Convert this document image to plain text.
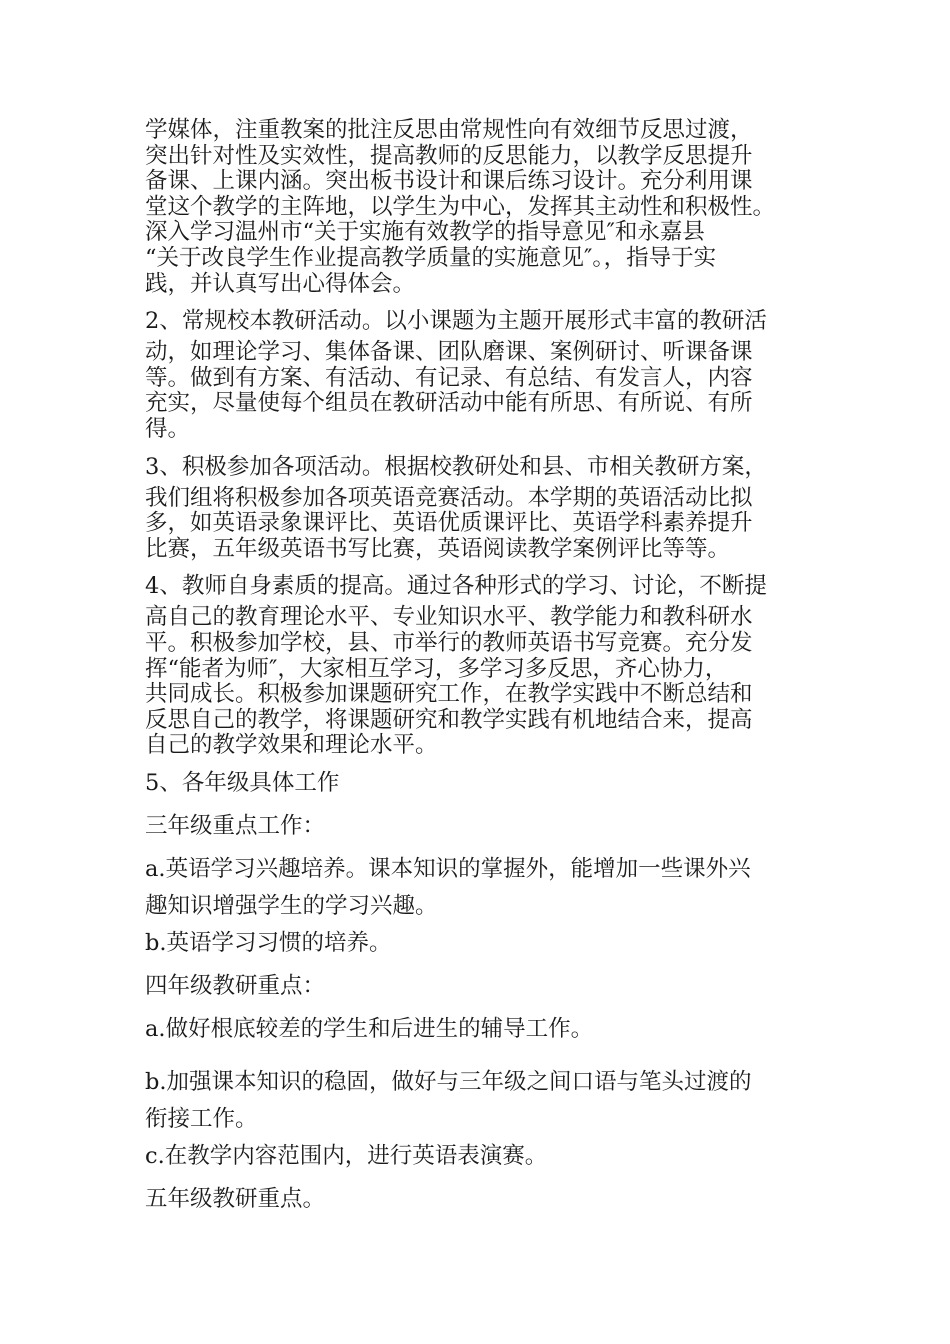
学媒体，注重教案的批注反思由常规性向有效细节反思过渡，

突出针对性及实效性，提高教师的反思能力，以教学反思提升

备课、上课内涵。突出板书设计和课后练习设计。充分利用课

堂这个教学的主阵地，以学生为中心，发挥其主动性和积极性。

深入学习温州市“关于实施有效教学的指导意见″和永嘉县

“关于改良学生作业提高教学质量的实施意见″。，指导于实

践，并认真写出心得体会。

2、常规校本教研活动。以小课题为主题开展形式丰富的教研活

动，如理论学习、集体备课、团队磨课、案例研讨、听课备课

等。做到有方案、有活动、有记录、有总结、有发言人，内容

充实，尽量使每个组员在教研活动中能有所思、有所说、有所

得。

3、积极参加各项活动。根据校教研处和县、市相关教研方案，

我们组将积极参加各项英语竞赛活动。本学期的英语活动比拟

多，如英语录象课评比、英语优质课评比、英语学科素养提升

比赛，五年级英语书写比赛，英语阅读教学案例评比等等。

4、教师自身素质的提高。通过各种形式的学习、讨论，不断提

高自己的教育理论水平、专业知识水平、教学能力和教科研水

平。积极参加学校，县、市举行的教师英语书写竞赛。充分发

挥“能者为师″，大家相互学习，多学习多反思，齐心协力，

共同成长。积极参加课题研究工作，在教学实践中不断总结和

反思自己的教学，将课题研究和教学实践有机地结合来，提高

自己的教学效果和理论水平。

5、各年级具体工作

三年级重点工作：

a.英语学习兴趣培养。课本知识的掌握外，能增加一些课外兴

趣知识增强学生的学习兴趣。

b.英语学习习惯的培养。

四年级教研重点：

a.做好根底较差的学生和后进生的辅导工作。

b.加强课本知识的稳固，做好与三年级之间口语与笔头过渡的

衔接工作。

c.在教学内容范围内，进行英语表演赛。

五年级教研重点。
